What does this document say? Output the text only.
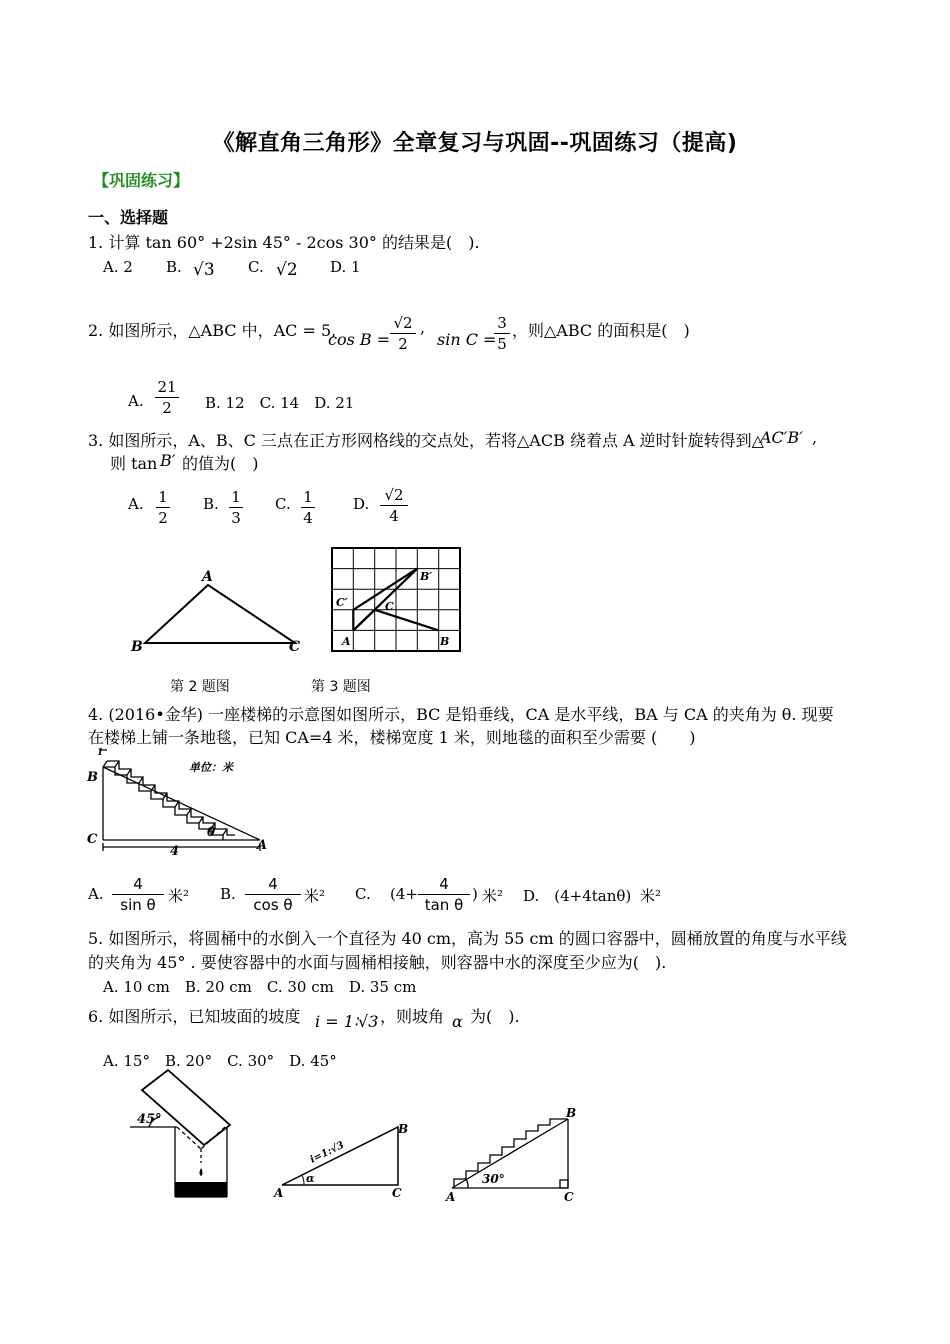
《解直角三角形》全章复习与巩固--巩固练习（提高)
【巩固练习】
一、选择题
1. 计算 tan 60° +2sin 45° - 2cos 30° 的结果是(　).
A. 2 B. √3 C. √2 D. 1
2. 如图所示，△ABC 中，AC = 5,
cos B =
√2
2
,
sin C =
3
5
，则△ABC 的面积是(　)
A.
21
2	B. 12　C. 14　D. 21
3. 如图所示，A、B、C 三点在正方形网格线的交点处，若将△ACB 绕着点 A 逆时针旋转得到△
AC′B′ ,
则 tan B′ 的值为(　)
A. 1
2
B. 1
3
C. 1
4
D. √2
4
A
B	C
第 2 题图
A	B
C
C′
B′
第 3 题图
4. (2016•金华) 一座楼梯的示意图如图所示，BC 是铅垂线，CA 是水平线，BA 与 CA 的夹角为 θ. 现要
在楼梯上铺一条地毯，已知 CA=4 米，楼梯宽度 1 米，则地毯的面积至少需要 (　　)
B
C	A
θ
4
1
单位：米
A.
4
sin θ 米² B.
4
cos θ 米² C. (4+
4
tan θ
) 米² D.　(4+4tanθ) 米²
5. 如图所示，将圆桶中的水倒入一个直径为 40 cm，高为 55 cm 的圆口容器中，圆桶放置的角度与水平线
的夹角为 45° . 要使容器中的水面与圆桶相接触，则容器中水的深度至少应为(　).
A. 10 cm　B. 20 cm　C. 30 cm　D. 35 cm
6. 如图所示，已知坡面的坡度 i = 1∶√3 ，则坡角 α 为(　).
A. 15°　B. 20°　C. 30°　D. 45°
45°
A
B
C
α
i=1:√3
A
B
C
30°
